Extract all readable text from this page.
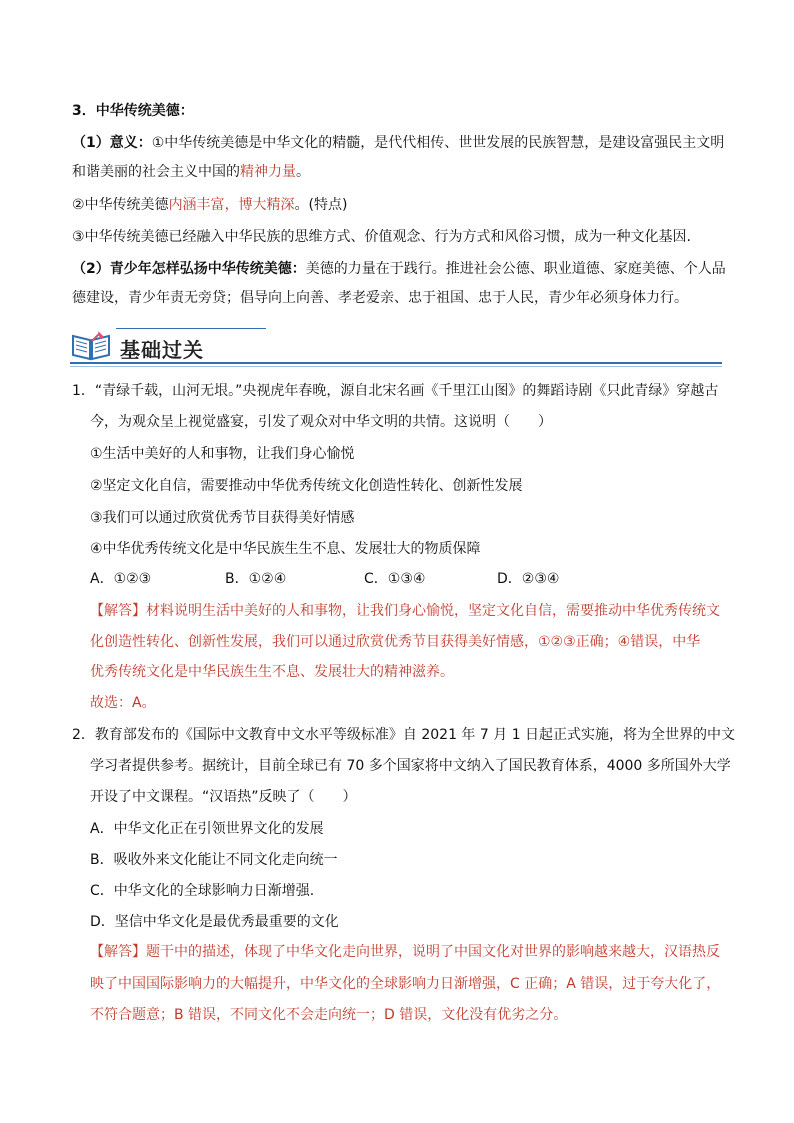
3．中华传统美德：
（1）意义：①中华传统美德是中华文化的精髓，是代代相传、世世发展的民族智慧，是建设富强民主文明
和谐美丽的社会主义中国的精神力量。
②中华传统美德内涵丰富，博大精深。(特点)
③中华传统美德已经融入中华民族的思维方式、价值观念、行为方式和风俗习惯，成为一种文化基因.
（2）青少年怎样弘扬中华传统美德：美德的力量在于践行。推进社会公德、职业道德、家庭美德、个人品
德建设，青少年责无旁贷；倡导向上向善、孝老爱亲、忠于祖国、忠于人民，青少年必须身体力行。
基础过关
1．“青绿千载，山河无垠。”央视虎年春晚，源自北宋名画《千里江山图》的舞蹈诗剧《只此青绿》穿越古
今，为观众呈上视觉盛宴，引发了观众对中华文明的共情。这说明（　　）
①生活中美好的人和事物，让我们身心愉悦
②坚定文化自信，需要推动中华优秀传统文化创造性转化、创新性发展
③我们可以通过欣赏优秀节目获得美好情感
④中华优秀传统文化是中华民族生生不息、发展壮大的物质保障
A．①②③	B．①②④	C．①③④	D．②③④
【解答】材料说明生活中美好的人和事物，让我们身心愉悦，坚定文化自信，需要推动中华优秀传统文
化创造性转化、创新性发展，我们可以通过欣赏优秀节目获得美好情感，①②③正确；④错误，中华
优秀传统文化是中华民族生生不息、发展壮大的精神滋养。
故选：A。
2．教育部发布的《国际中文教育中文水平等级标准》自 2021 年 7 月 1 日起正式实施，将为全世界的中文
学习者提供参考。据统计，目前全球已有 70 多个国家将中文纳入了国民教育体系，4000 多所国外大学
开设了中文课程。“汉语热”反映了（　　）
A．中华文化正在引领世界文化的发展
B．吸收外来文化能让不同文化走向统一
C．中华文化的全球影响力日渐增强.
D．坚信中华文化是最优秀最重要的文化
【解答】题干中的描述，体现了中华文化走向世界，说明了中国文化对世界的影响越来越大，汉语热反
映了中国国际影响力的大幅提升，中华文化的全球影响力日渐增强，C 正确；A 错误，过于夸大化了，
不符合题意；B 错误，不同文化不会走向统一；D 错误，文化没有优劣之分。
